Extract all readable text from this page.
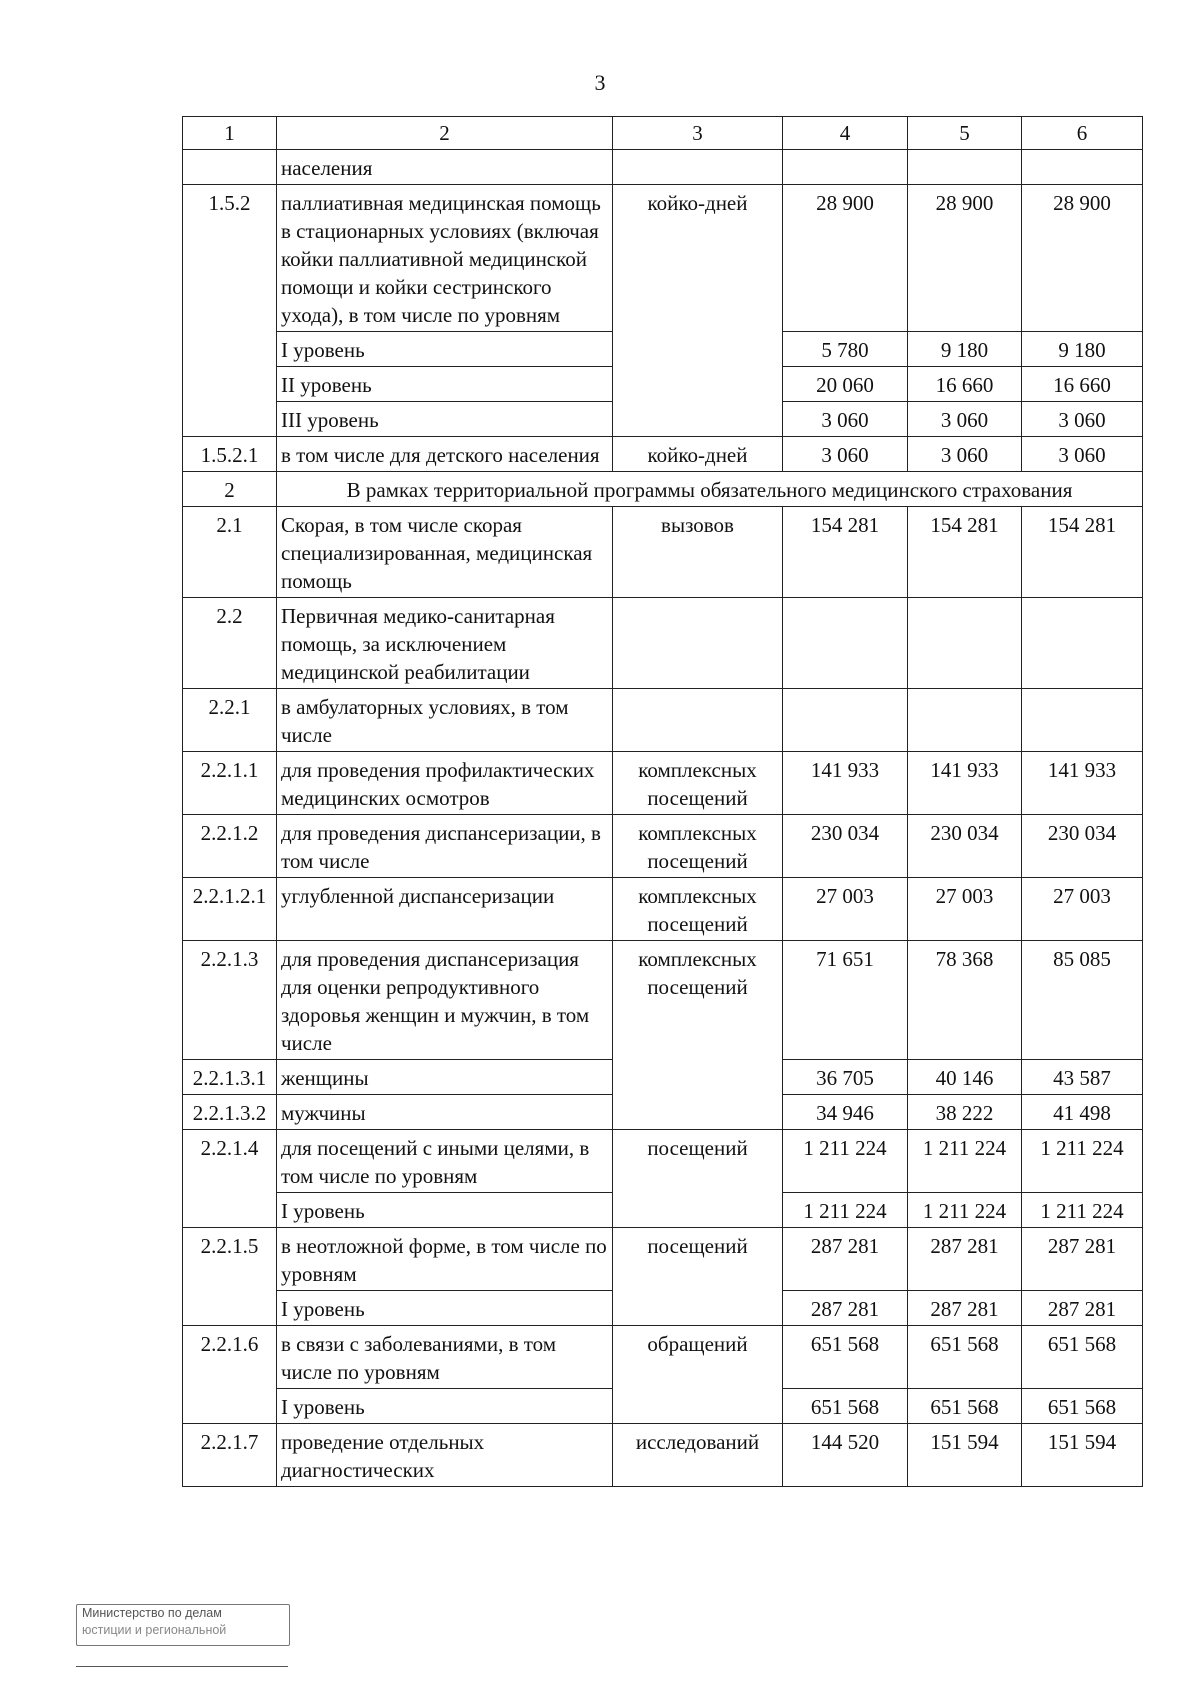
3
1	2	3	4	5	6
	населения				
1.5.2	паллиативная медицинская помощь в стационарных условиях (включая койки паллиативной медицинской помощи и койки сестринского ухода), в том числе по уровням	койко-дней	28 900	28 900	28 900
	I уровень		5 780	9 180	9 180
	II уровень		20 060	16 660	16 660
	III уровень		3 060	3 060	3 060
1.5.2.1	в том числе для детского населения	койко-дней	3 060	3 060	3 060
2	В рамках территориальной программы обязательного медицинского страхования				
2.1	Скорая, в том числе скорая специализированная, медицинская помощь	вызовов	154 281	154 281	154 281
2.2	Первичная медико-санитарная помощь, за исключением медицинской реабилитации				
2.2.1	в амбулаторных условиях, в том числе				
2.2.1.1	для проведения профилактических медицинских осмотров	комплексных посещений	141 933	141 933	141 933
2.2.1.2	для проведения диспансеризации, в том числе	комплексных посещений	230 034	230 034	230 034
2.2.1.2.1	углубленной диспансеризации	комплексных посещений	27 003	27 003	27 003
2.2.1.3	для проведения диспансеризация для оценки репродуктивного здоровья женщин и мужчин, в том числе	комплексных посещений	71 651	78 368	85 085
2.2.1.3.1	женщины		36 705	40 146	43 587
2.2.1.3.2	мужчины		34 946	38 222	41 498
2.2.1.4	для посещений с иными целями, в том числе по уровням	посещений	1 211 224	1 211 224	1 211 224
	I уровень		1 211 224	1 211 224	1 211 224
2.2.1.5	в неотложной форме, в том числе по уровням	посещений	287 281	287 281	287 281
	I уровень		287 281	287 281	287 281
2.2.1.6	в связи с заболеваниями, в том числе по уровням	обращений	651 568	651 568	651 568
	I уровень		651 568	651 568	651 568
2.2.1.7	проведение отдельных диагностических	исследований	144 520	151 594	151 594
Министерство по делам
юстиции и региональной
